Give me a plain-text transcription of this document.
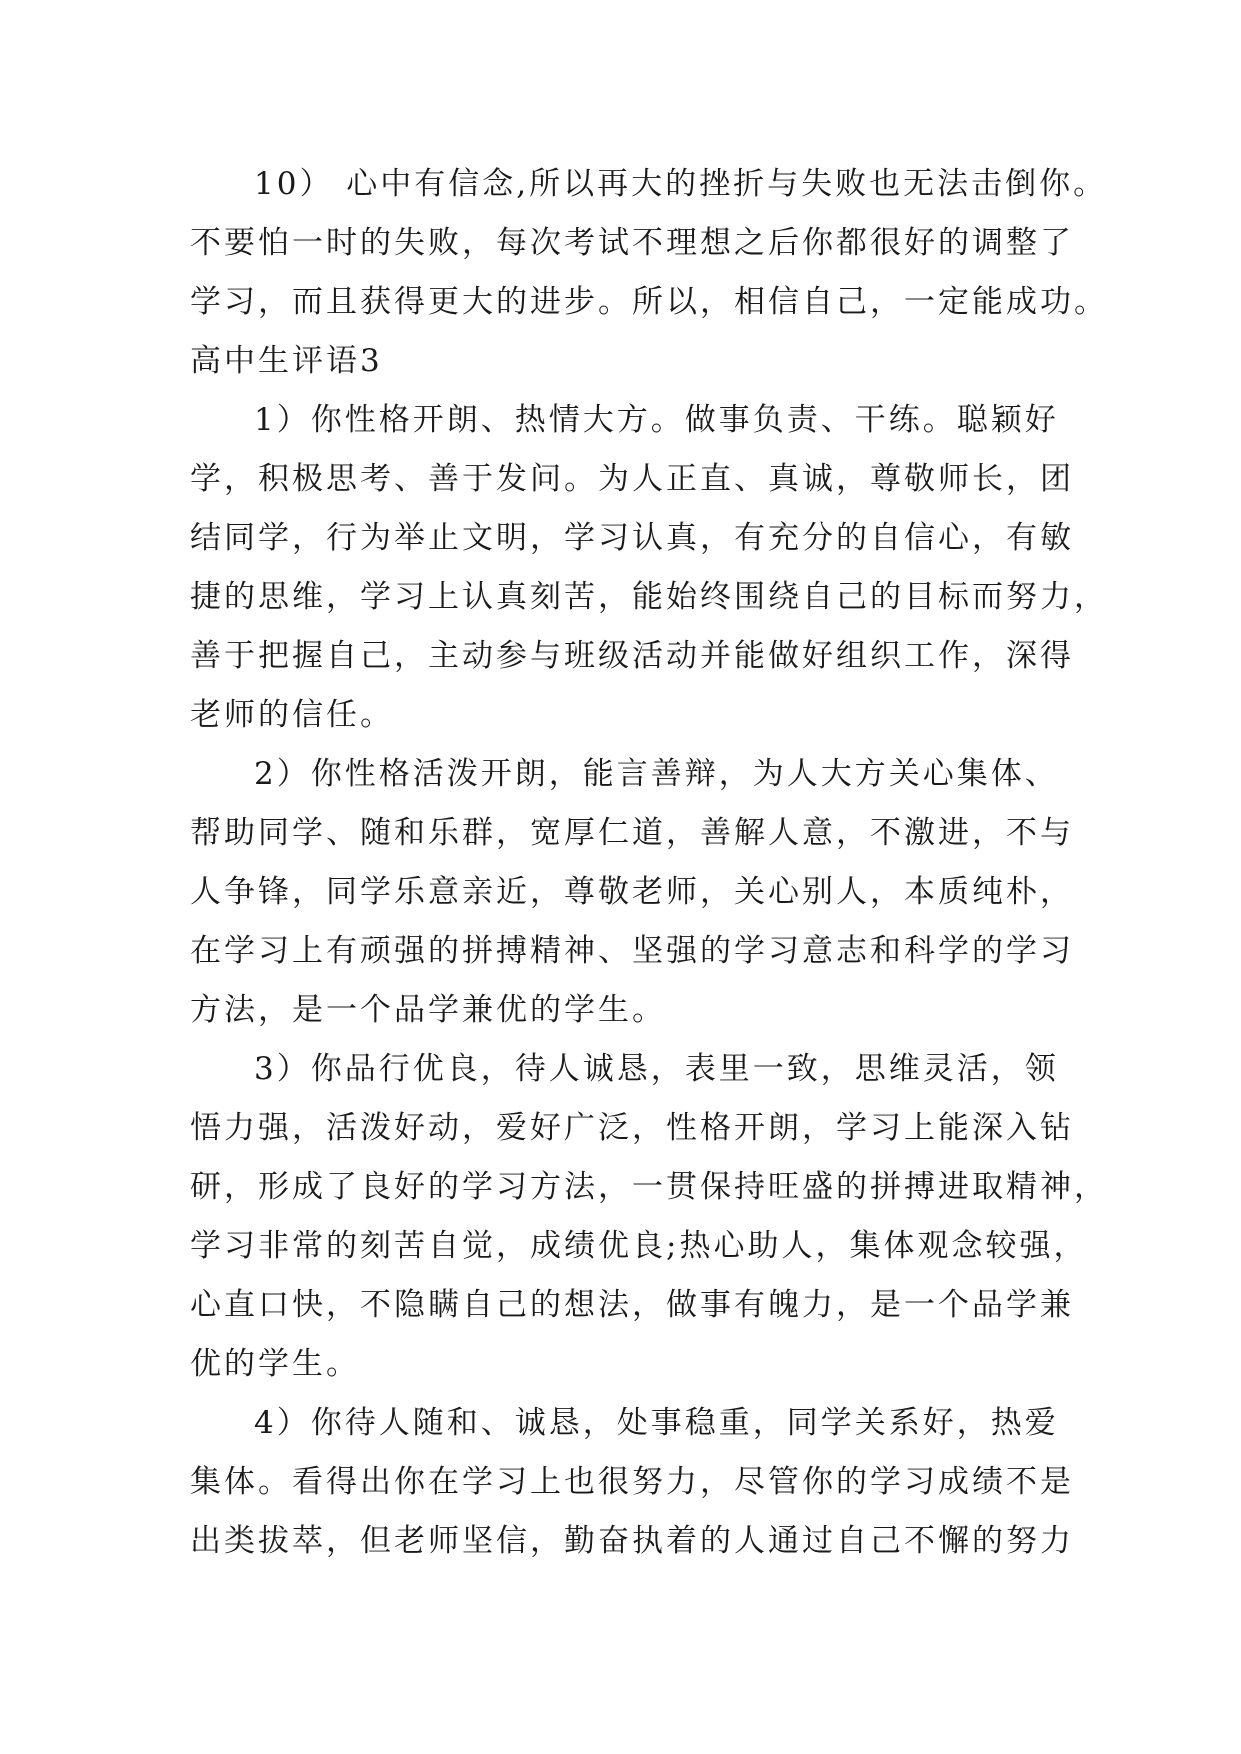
10） 心中有信念,所以再大的挫折与失败也无法击倒你。
不要怕一时的失败，每次考试不理想之后你都很好的调整了
学习，而且获得更大的进步。所以，相信自己，一定能成功。
高中生评语3
1）你性格开朗、热情大方。做事负责、干练。聪颖好
学，积极思考、善于发问。为人正直、真诚，尊敬师长，团
结同学，行为举止文明，学习认真，有充分的自信心，有敏
捷的思维，学习上认真刻苦，能始终围绕自己的目标而努力，
善于把握自己，主动参与班级活动并能做好组织工作，深得
老师的信任。
2）你性格活泼开朗，能言善辩，为人大方关心集体、
帮助同学、随和乐群，宽厚仁道，善解人意，不激进，不与
人争锋，同学乐意亲近，尊敬老师，关心别人，本质纯朴，
在学习上有顽强的拼搏精神、坚强的学习意志和科学的学习
方法，是一个品学兼优的学生。
3）你品行优良，待人诚恳，表里一致，思维灵活，领
悟力强，活泼好动，爱好广泛，性格开朗，学习上能深入钻
研，形成了良好的学习方法，一贯保持旺盛的拼搏进取精神，
学习非常的刻苦自觉，成绩优良;热心助人，集体观念较强，
心直口快，不隐瞒自己的想法，做事有魄力，是一个品学兼
优的学生。
4）你待人随和、诚恳，处事稳重，同学关系好，热爱
集体。看得出你在学习上也很努力，尽管你的学习成绩不是
出类拔萃，但老师坚信，勤奋执着的人通过自己不懈的努力
